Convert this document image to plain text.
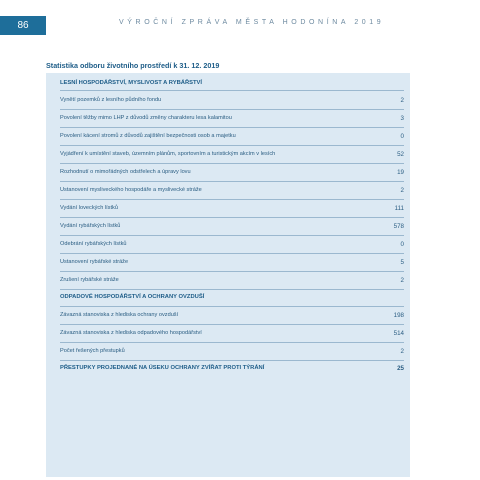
86	VÝROČNÍ ZPRÁVA MĚSTA HODONÍNA 2019
Statistika odboru životního prostředí k 31. 12. 2019
LESNÍ HOSPODÁŘSTVÍ, MYSLIVOST A RYBÁŘSTVÍ
Vynětí pozemků z lesního půdního fondu	2
Povolení těžby mimo LHP z důvodů změny charakteru lesa kalamitou	3
Povolení kácení stromů z důvodů zajištění bezpečnosti osob a majetku	0
Vyjádření k umístění staveb, územním plánům, sportovním a turistickým akcím v lesích	52
Rozhodnutí o mimořádných odstřelech a úpravy lovu	19
Ustanovení mysliveckého hospodáře a myslivecké stráže	2
Vydání loveckých lístků	111
Vydání rybářských lístků	578
Odebrání rybářských lístků	0
Ustanovení rybářské stráže	5
Zrušení rybářské stráže	2
ODPADOVÉ HOSPODÁŘSTVÍ A OCHRANY OVZDUŠÍ
Závazná stanoviska z hlediska ochrany ovzduší	198
Závazná stanoviska z hlediska odpadového hospodářství	514
Počet řešených přestupků	2
PŘESTUPKY PROJEDNANÉ NA ÚSEKU OCHRANY ZVÍŘAT PROTI TÝRÁNÍ	25
